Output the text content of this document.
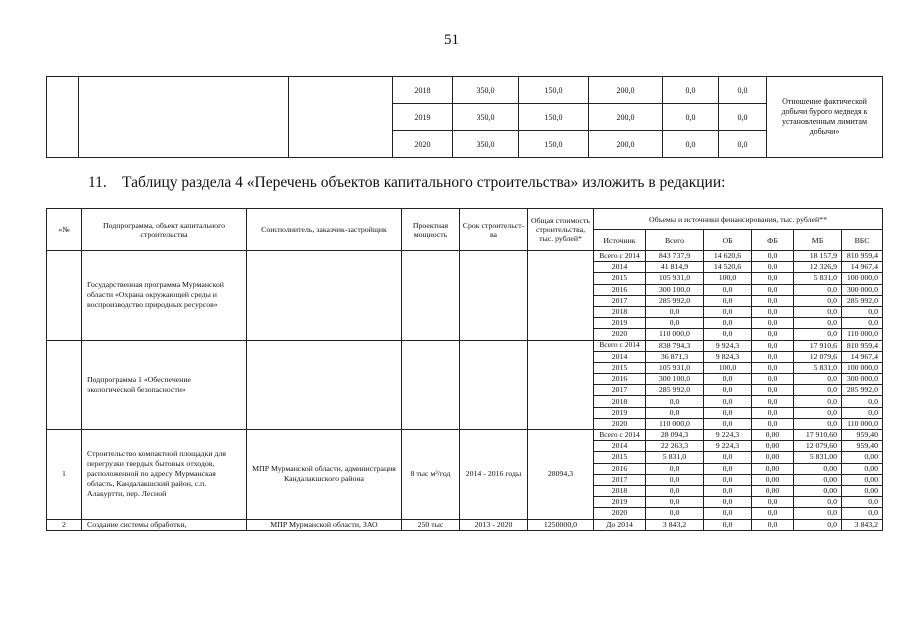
51
			2018	350,0	150,0	200,0	0,0	0,0	Отношение фактической добычи бурого медведя к установленным лимитам добычи»
			2019	350,0	150,0	200,0	0,0	0,0	
			2020	350,0	150,0	200,0	0,0	0,0	
11. Таблицу раздела 4 «Перечень объектов капитального строительства» изложить в редакции:
«№	Подпрограмма, объект капитального строительства	Соисполнитель, заказчик-застройщик	Проектная мощность	Срок строительст-ва	Общая стоимость строительства, тыс. рублей*	Объемы и источники финансирования, тыс. рублей**					
						Источник	Всего	ОБ	ФБ	МБ	ВБС
	Государственная программа Мурманской области «Охрана окружающей среды и воспроизводство природных ресурсов»					Всего с 2014	843 737,9	14 620,6	0,0	18 157,9	810 959,4
						2014	41 814,9	14 520,6	0,0	12 326,9	14 967,4
						2015	105 931,0	100,0	0,0	5 831,0	100 000,0
						2016	300 100,0	0,0	0,0	0,0	300 000,0
						2017	285 992,0	0,0	0,0	0,0	285 992,0
						2018	0,0	0,0	0,0	0,0	0,0
						2019	0,0	0,0	0,0	0,0	0,0
						2020	110 000,0	0,0	0,0	0,0	110 000,0
	Подпрограмма 1 «Обеспечение экологической безопасности»					Всего с 2014	838 794,3	9 924,3	0,0	17 910,6	810 959,4
						2014	36 871,3	9 824,3	0,0	12 079,6	14 967,4
						2015	105 931,0	100,0	0,0	5 831,0	100 000,0
						2016	300 100,0	0,0	0,0	0,0	300 000,0
						2017	285 992,0	0,0	0,0	0,0	285 992,0
						2018	0,0	0,0	0,0	0,0	0,0
						2019	0,0	0,0	0,0	0,0	0,0
						2020	110 000,0	0,0	0,0	0,0	110 000,0
1	Строительство компактной площадки для перегрузки твердых бытовых отходов, расположенной по адресу Мурманская область, Кандалакшский район, с.п. Алакуртти, пер. Лесной	МПР Мурманской области, администрация Кандалакшского района	8 тыс м³/год	2014 - 2016 годы	28094,3	Всего с 2014	28 094,3	9 224,3	0,00	17 910,60	959,40
						2014	22 263,3	9 224,3	0,00	12 079,60	959,40
						2015	5 831,0	0,0	0,00	5 831,00	0,00
						2016	0,0	0,0	0,00	0,00	0,00
						2017	0,0	0,0	0,00	0,00	0,00
						2018	0,0	0,0	0,00	0,00	0,00
						2019	0,0	0,0	0,0	0,0	0,0
						2020	0,0	0,0	0,0	0,0	0,0
2	Создание системы обработки,	МПР Мурманской области, ЗАО	250 тыс	2013 - 2020	1250000,0	До 2014	3 843,2	0,0	0,0	0,0	3 843,2
